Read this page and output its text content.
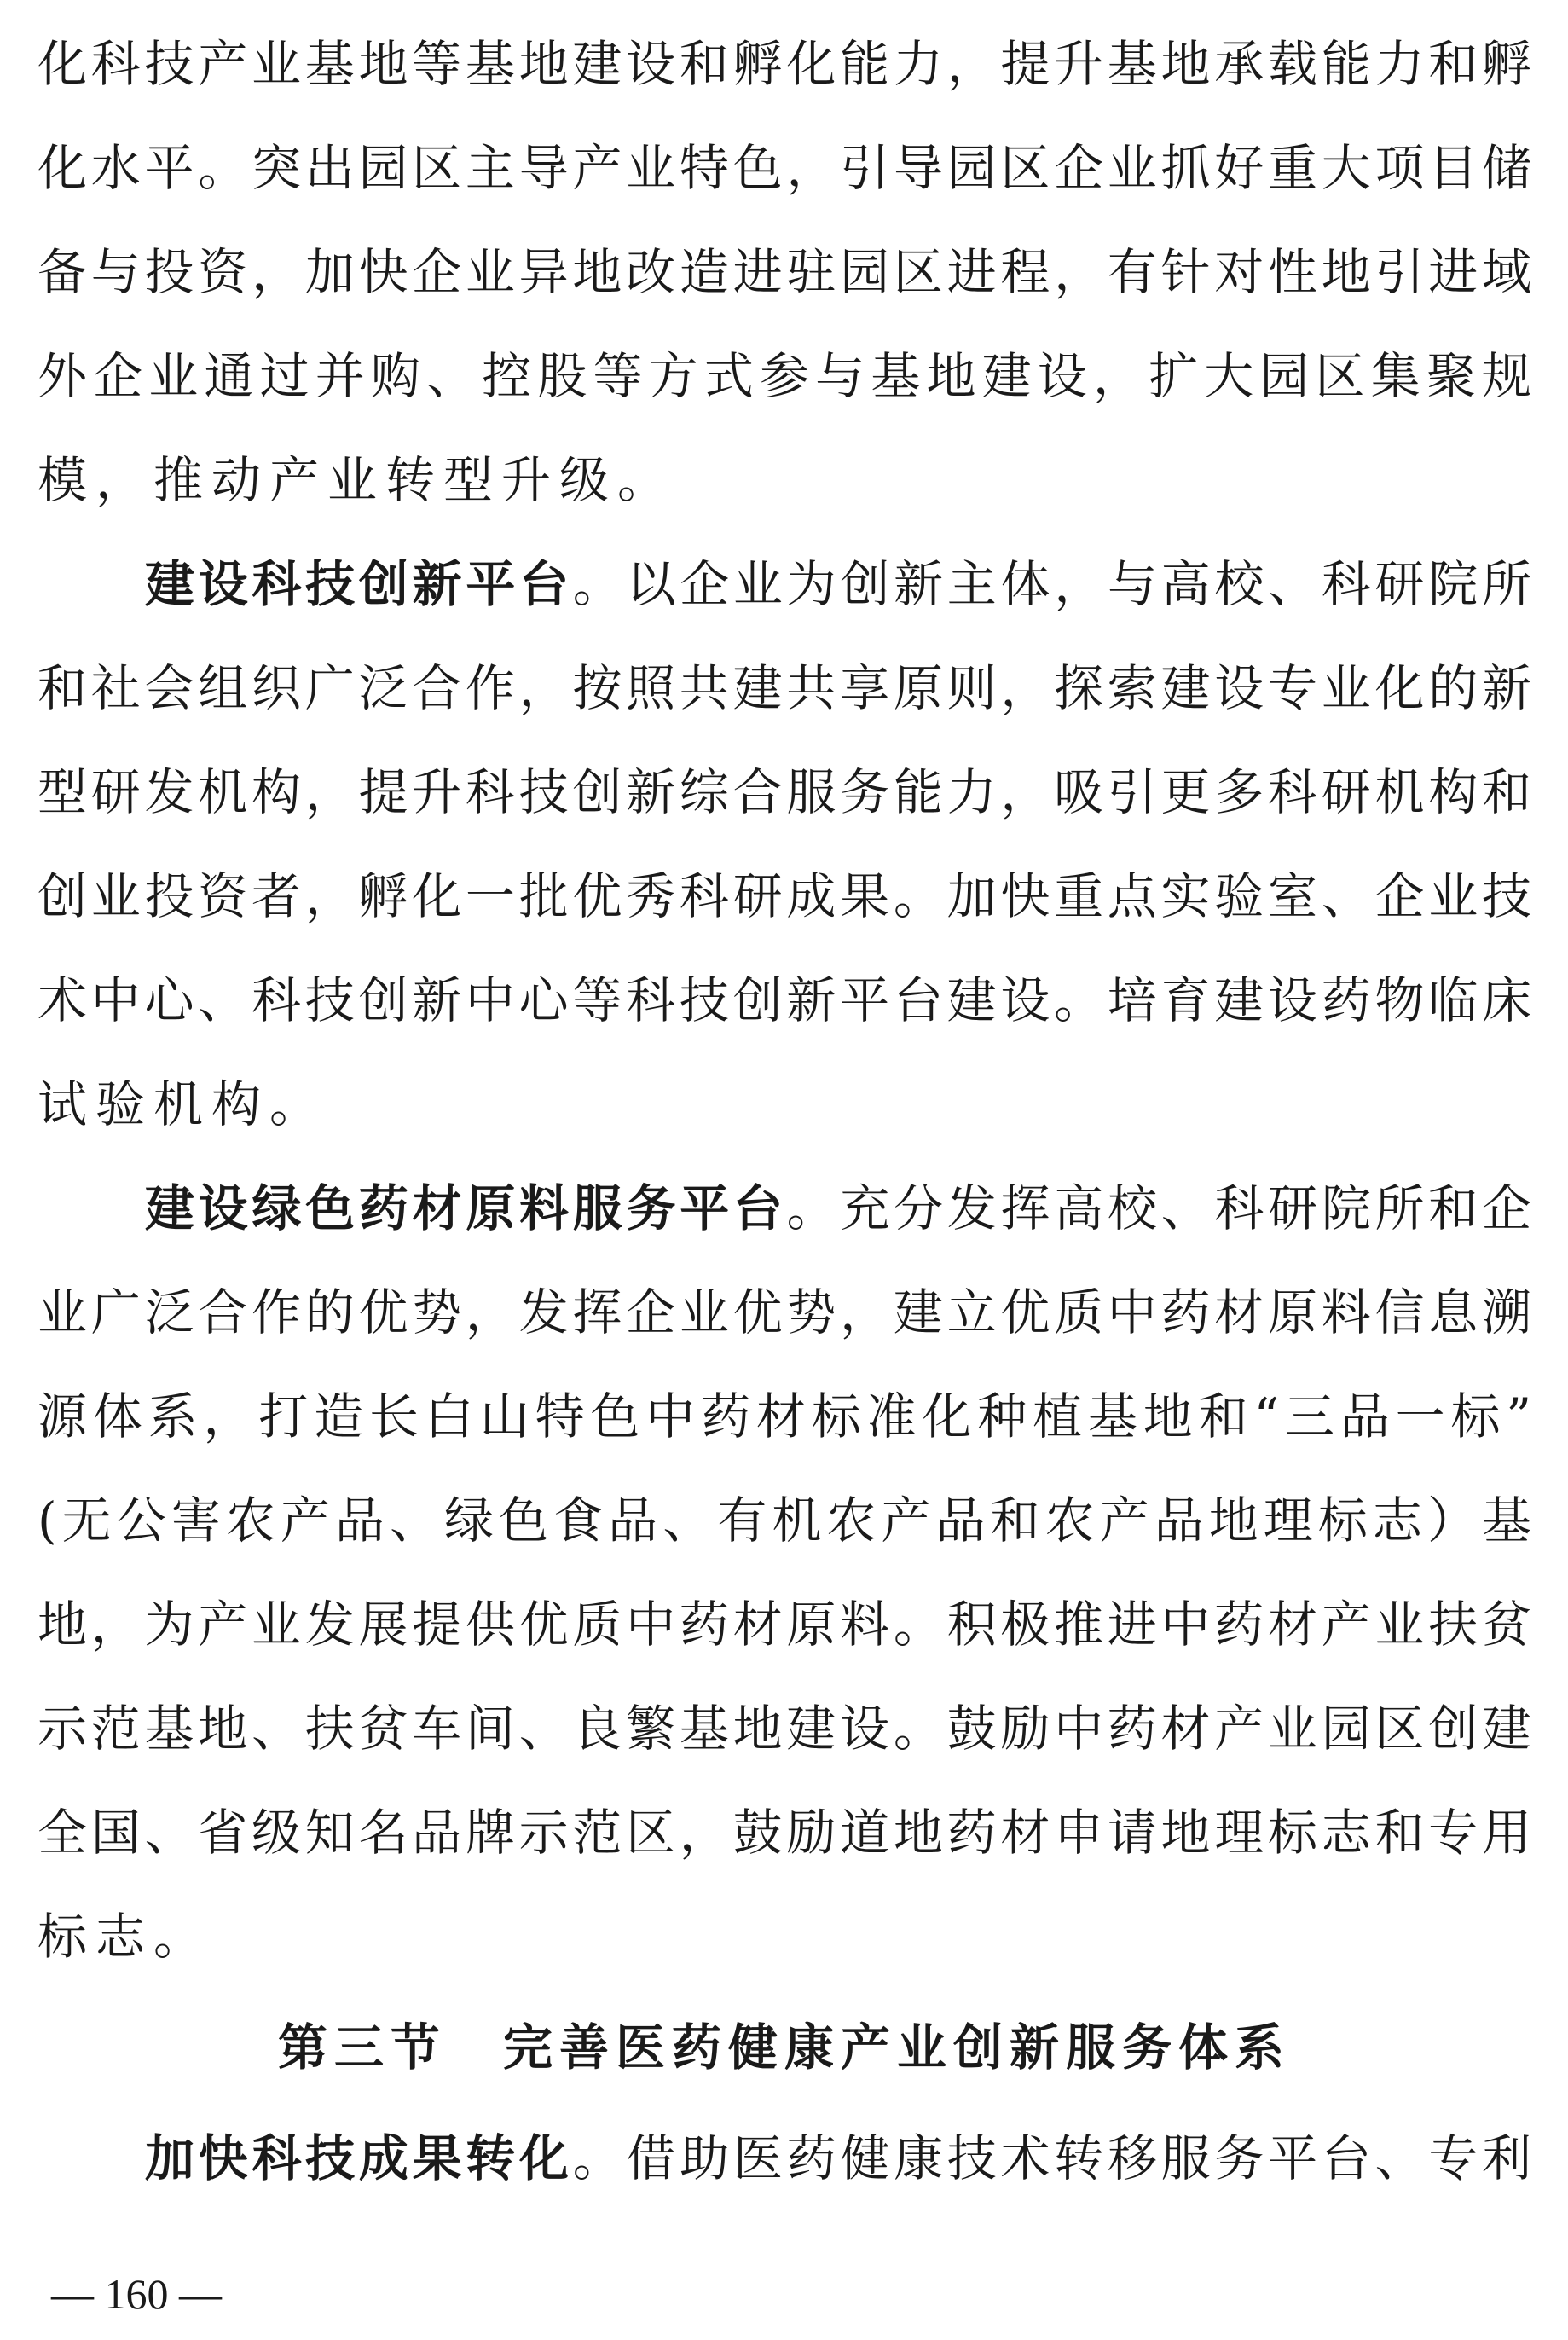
化科技产业基地等基地建设和孵化能力，提升基地承载能力和孵
化水平。突出园区主导产业特色，引导园区企业抓好重大项目储
备与投资，加快企业异地改造进驻园区进程，有针对性地引进域
外企业通过并购、控股等方式参与基地建设，扩大园区集聚规
模，推动产业转型升级。
建设科技创新平台。以企业为创新主体，与高校、科研院所
和社会组织广泛合作，按照共建共享原则，探索建设专业化的新
型研发机构，提升科技创新综合服务能力，吸引更多科研机构和
创业投资者，孵化一批优秀科研成果。加快重点实验室、企业技
术中心、科技创新中心等科技创新平台建设。培育建设药物临床
试验机构。
建设绿色药材原料服务平台。充分发挥高校、科研院所和企
业广泛合作的优势，发挥企业优势，建立优质中药材原料信息溯
源体系，打造长白山特色中药材标准化种植基地和“三品一标”
(无公害农产品、绿色食品、有机农产品和农产品地理标志）基
地，为产业发展提供优质中药材原料。积极推进中药材产业扶贫
示范基地、扶贫车间、良繁基地建设。鼓励中药材产业园区创建
全国、省级知名品牌示范区，鼓励道地药材申请地理标志和专用
标志。
第三节　完善医药健康产业创新服务体系
加快科技成果转化。借助医药健康技术转移服务平台、专利
— 160 —
